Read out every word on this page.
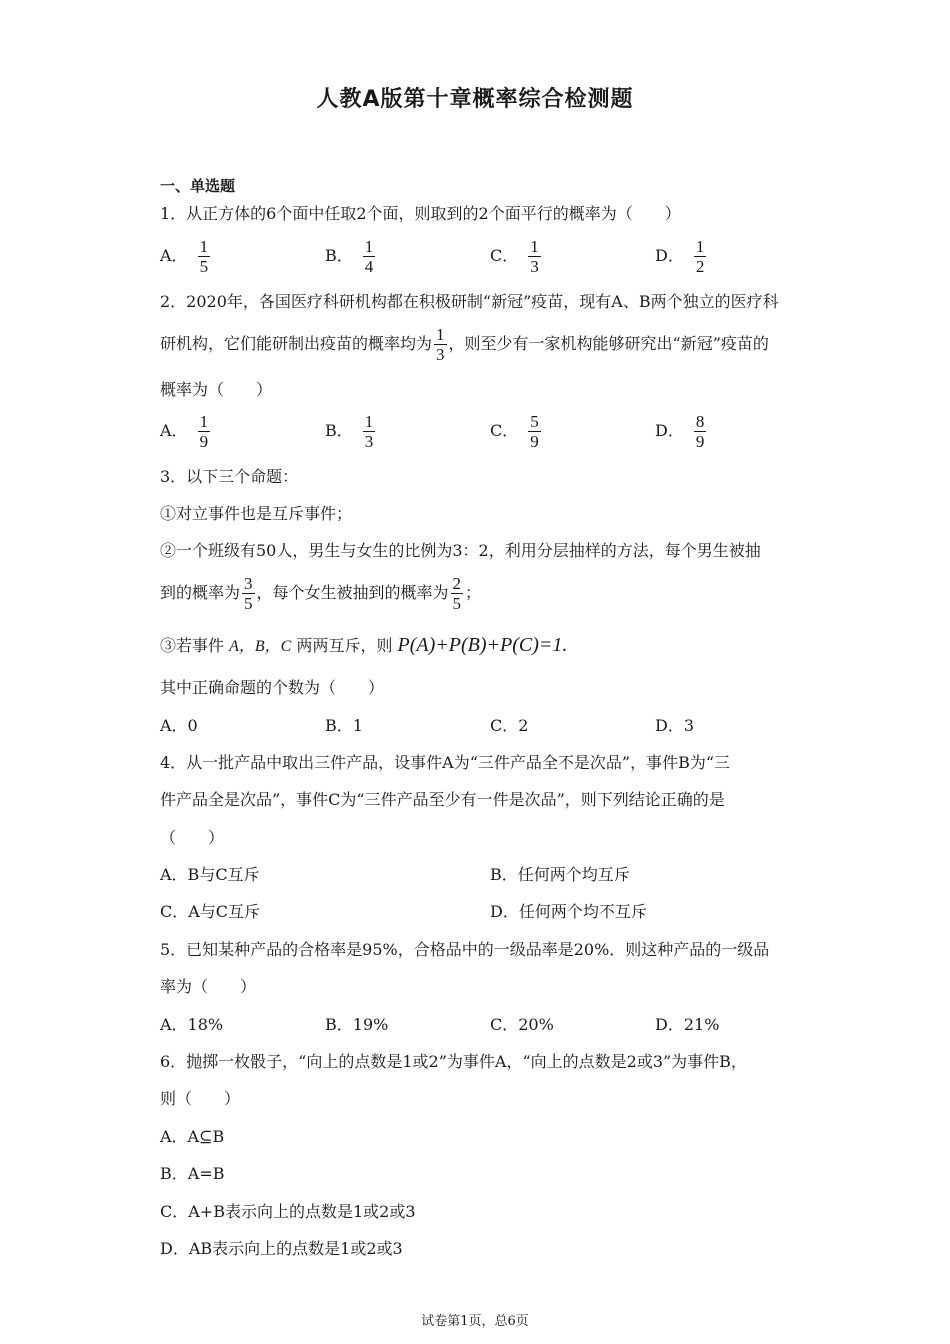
人教A版第十章概率综合检测题
一、单选题
1．从正方体的6个面中任取2个面，则取到的2个面平行的概率为（　　）
A． $\frac{1}{5}$	B． $\frac{1}{4}$	C． $\frac{1}{3}$	D． $\frac{1}{2}$
2．2020年，各国医疗科研机构都在积极研制“新冠”疫苗，现有A、B两个独立的医疗科
研机构，它们能研制出疫苗的概率均为 $\frac{1}{3}$ ，则至少有一家机构能够研究出“新冠”疫苗的
概率为（　　）
A． $\frac{1}{9}$	B． $\frac{1}{3}$	C． $\frac{5}{9}$	D． $\frac{8}{9}$
3．以下三个命题：
①对立事件也是互斥事件；
②一个班级有50人，男生与女生的比例为3：2，利用分层抽样的方法，每个男生被抽
到的概率为 $\frac{3}{5}$ ，每个女生被抽到的概率为 $\frac{2}{5}$ ；
③若事件 A，B，C 两两互斥，则 P(A)+P(B)+P(C)=1.
其中正确命题的个数为（　　）
A．0	B．1	C．2	D．3
4．从一批产品中取出三件产品，设事件A为“三件产品全不是次品”，事件B为“三
件产品全是次品”，事件C为“三件产品至少有一件是次品”，则下列结论正确的是
（　　）
A．B与C互斥	B．任何两个均互斥
C．A与C互斥	D．任何两个均不互斥
5．已知某种产品的合格率是95%，合格品中的一级品率是20%．则这种产品的一级品
率为（　　）
A．18%	B．19%	C．20%	D．21%
6．抛掷一枚骰子，“向上的点数是1或2”为事件A，“向上的点数是2或3”为事件B，
则（　　）
A．A⊆B
B．A=B
C．A+B表示向上的点数是1或2或3
D．AB表示向上的点数是1或2或3
试卷第1页，总6页
